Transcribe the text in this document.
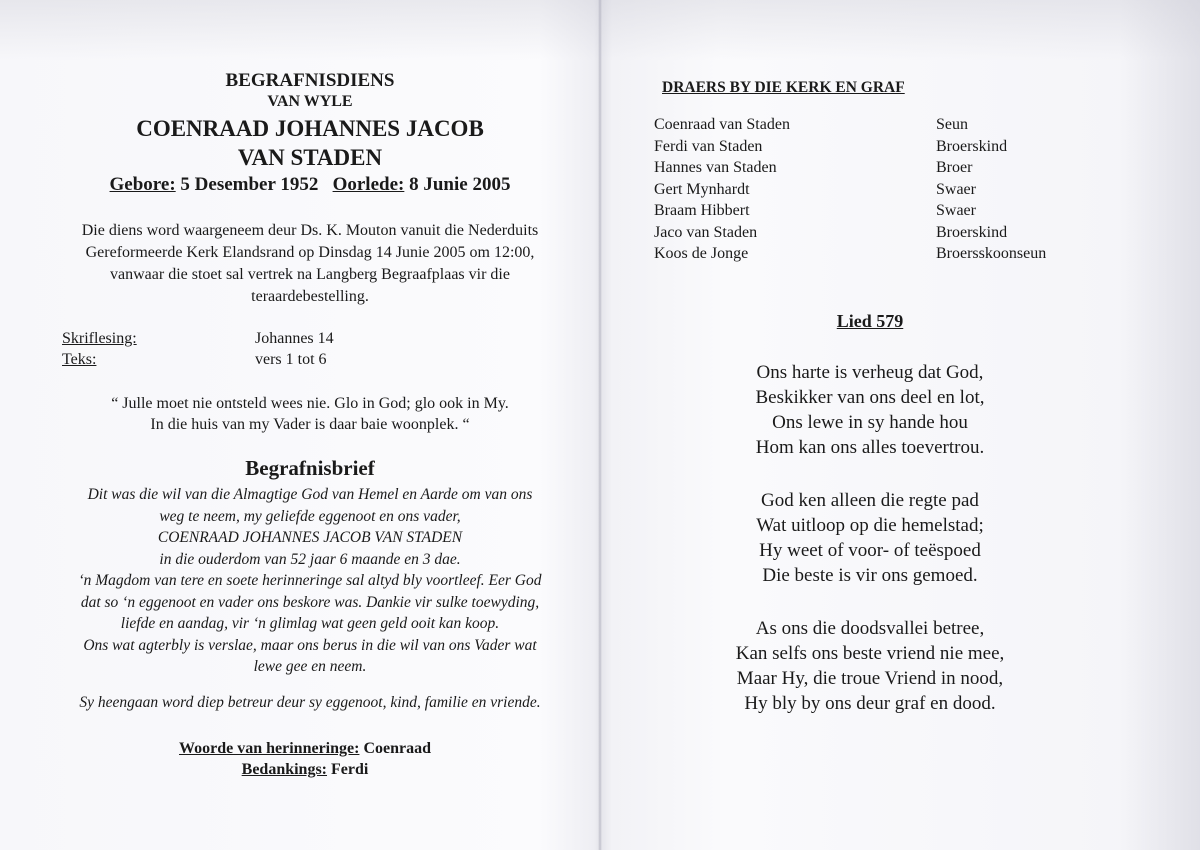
BEGRAFNISDIENS
VAN WYLE
COENRAAD JOHANNES JACOB
VAN STADEN
Gebore: 5 Desember 1952 Oorlede: 8 Junie 2005
Die diens word waargeneem deur Ds. K. Mouton vanuit die Nederduits
Gereformeerde Kerk Elandsrand op Dinsdag 14 Junie 2005 om 12:00,
vanwaar die stoet sal vertrek na Langberg Begraafplaas vir die
teraardebestelling.
Skriflesing:	Johannes 14
Teks:	vers 1 tot 6
“ Julle moet nie ontsteld wees nie. Glo in God; glo ook in My.
In die huis van my Vader is daar baie woonplek. “
Begrafnisbrief
Dit was die wil van die Almagtige God van Hemel en Aarde om van ons
weg te neem, my geliefde eggenoot en ons vader,
COENRAAD JOHANNES JACOB VAN STADEN
in die ouderdom van 52 jaar 6 maande en 3 dae.
‘n Magdom van tere en soete herinneringe sal altyd bly voortleef. Eer God
dat so ‘n eggenoot en vader ons beskore was. Dankie vir sulke toewyding,
liefde en aandag, vir ‘n glimlag wat geen geld ooit kan koop.
Ons wat agterbly is verslae, maar ons berus in die wil van ons Vader wat
lewe gee en neem.
Sy heengaan word diep betreur deur sy eggenoot, kind, familie en vriende.
Woorde van herinneringe: Coenraad
Bedankings: Ferdi
DRAERS BY DIE KERK EN GRAF
Coenraad van Staden	Seun
Ferdi van Staden	Broerskind
Hannes van Staden	Broer
Gert Mynhardt	Swaer
Braam Hibbert	Swaer
Jaco van Staden	Broerskind
Koos de Jonge	Broersskoonseun
Lied 579
Ons harte is verheug dat God,
Beskikker van ons deel en lot,
Ons lewe in sy hande hou
Hom kan ons alles toevertrou.
God ken alleen die regte pad
Wat uitloop op die hemelstad;
Hy weet of voor- of teëspoed
Die beste is vir ons gemoed.
As ons die doodsvallei betree,
Kan selfs ons beste vriend nie mee,
Maar Hy, die troue Vriend in nood,
Hy bly by ons deur graf en dood.
